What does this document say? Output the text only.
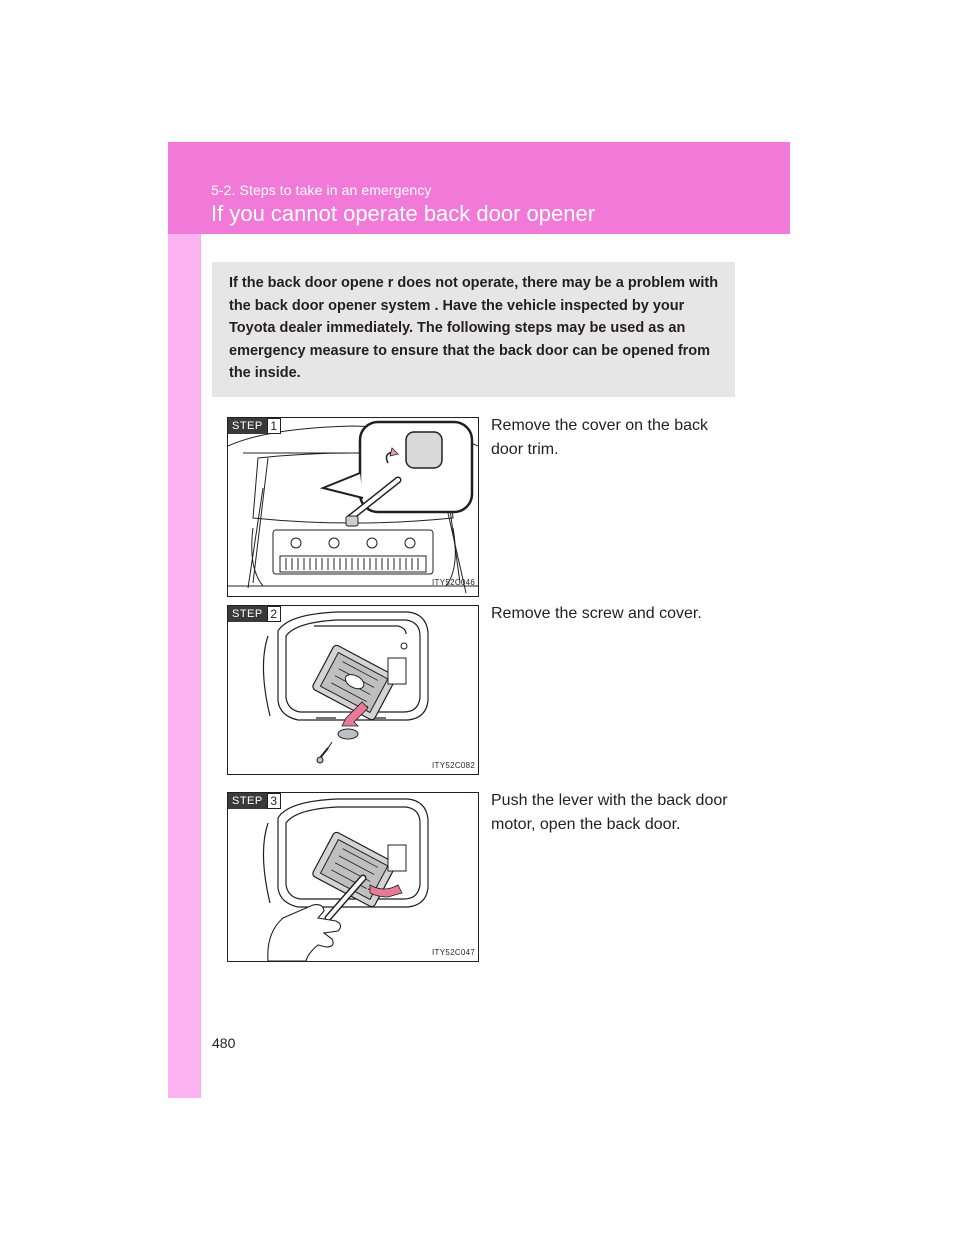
5-2. Steps to take in an emergency
If you cannot operate back door opener

If the back door opene r does not operate, there may be a problem with the back door opener system . Have the vehicle inspected by your Toyota dealer immediately. The following steps may be used as an emergency measure to ensure that the back door can be opened from the inside.

STEP 1
ITY52C046
Remove the cover on the back door trim.
STEP 2
ITY52C082
Remove the screw and cover.
STEP 3
ITY52C047
Push the lever with the back door motor, open the back door.
480
